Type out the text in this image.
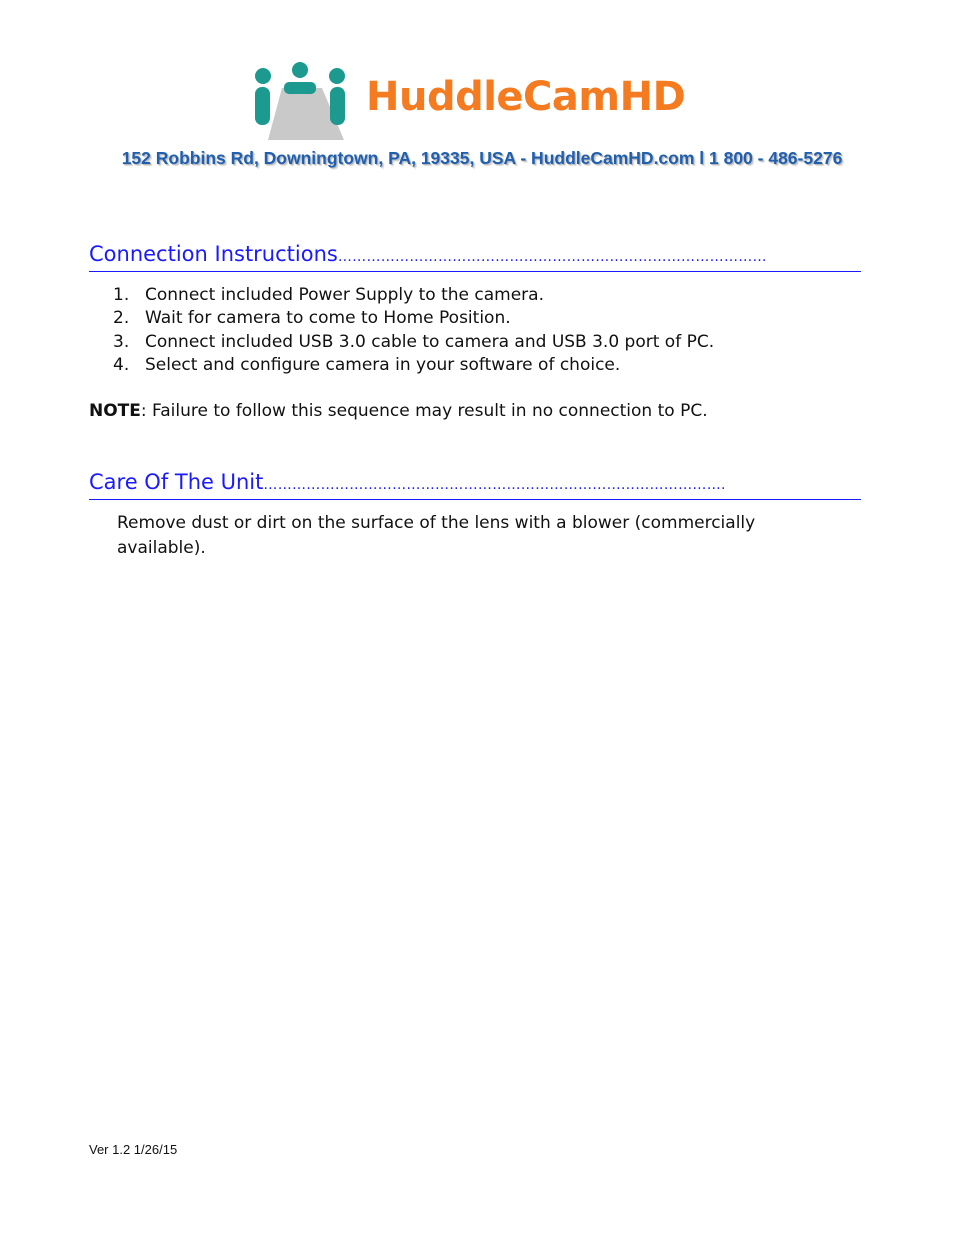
HuddleCamHD
152 Robbins Rd, Downingtown, PA, 19335, USA - HuddleCamHD.com l 1 800 - 486-5276
Connection Instructions………………………………………………………………………………
1. Connect included Power Supply to the camera.
2. Wait for camera to come to Home Position.
3. Connect included USB 3.0 cable to camera and USB 3.0 port of PC.
4. Select and configure camera in your software of choice.
NOTE: Failure to follow this sequence may result in no connection to PC.
Care Of The Unit…………………………………………………………………………………….
Remove dust or dirt on the surface of the lens with a blower (commercially available).
Ver 1.2 1/26/15
